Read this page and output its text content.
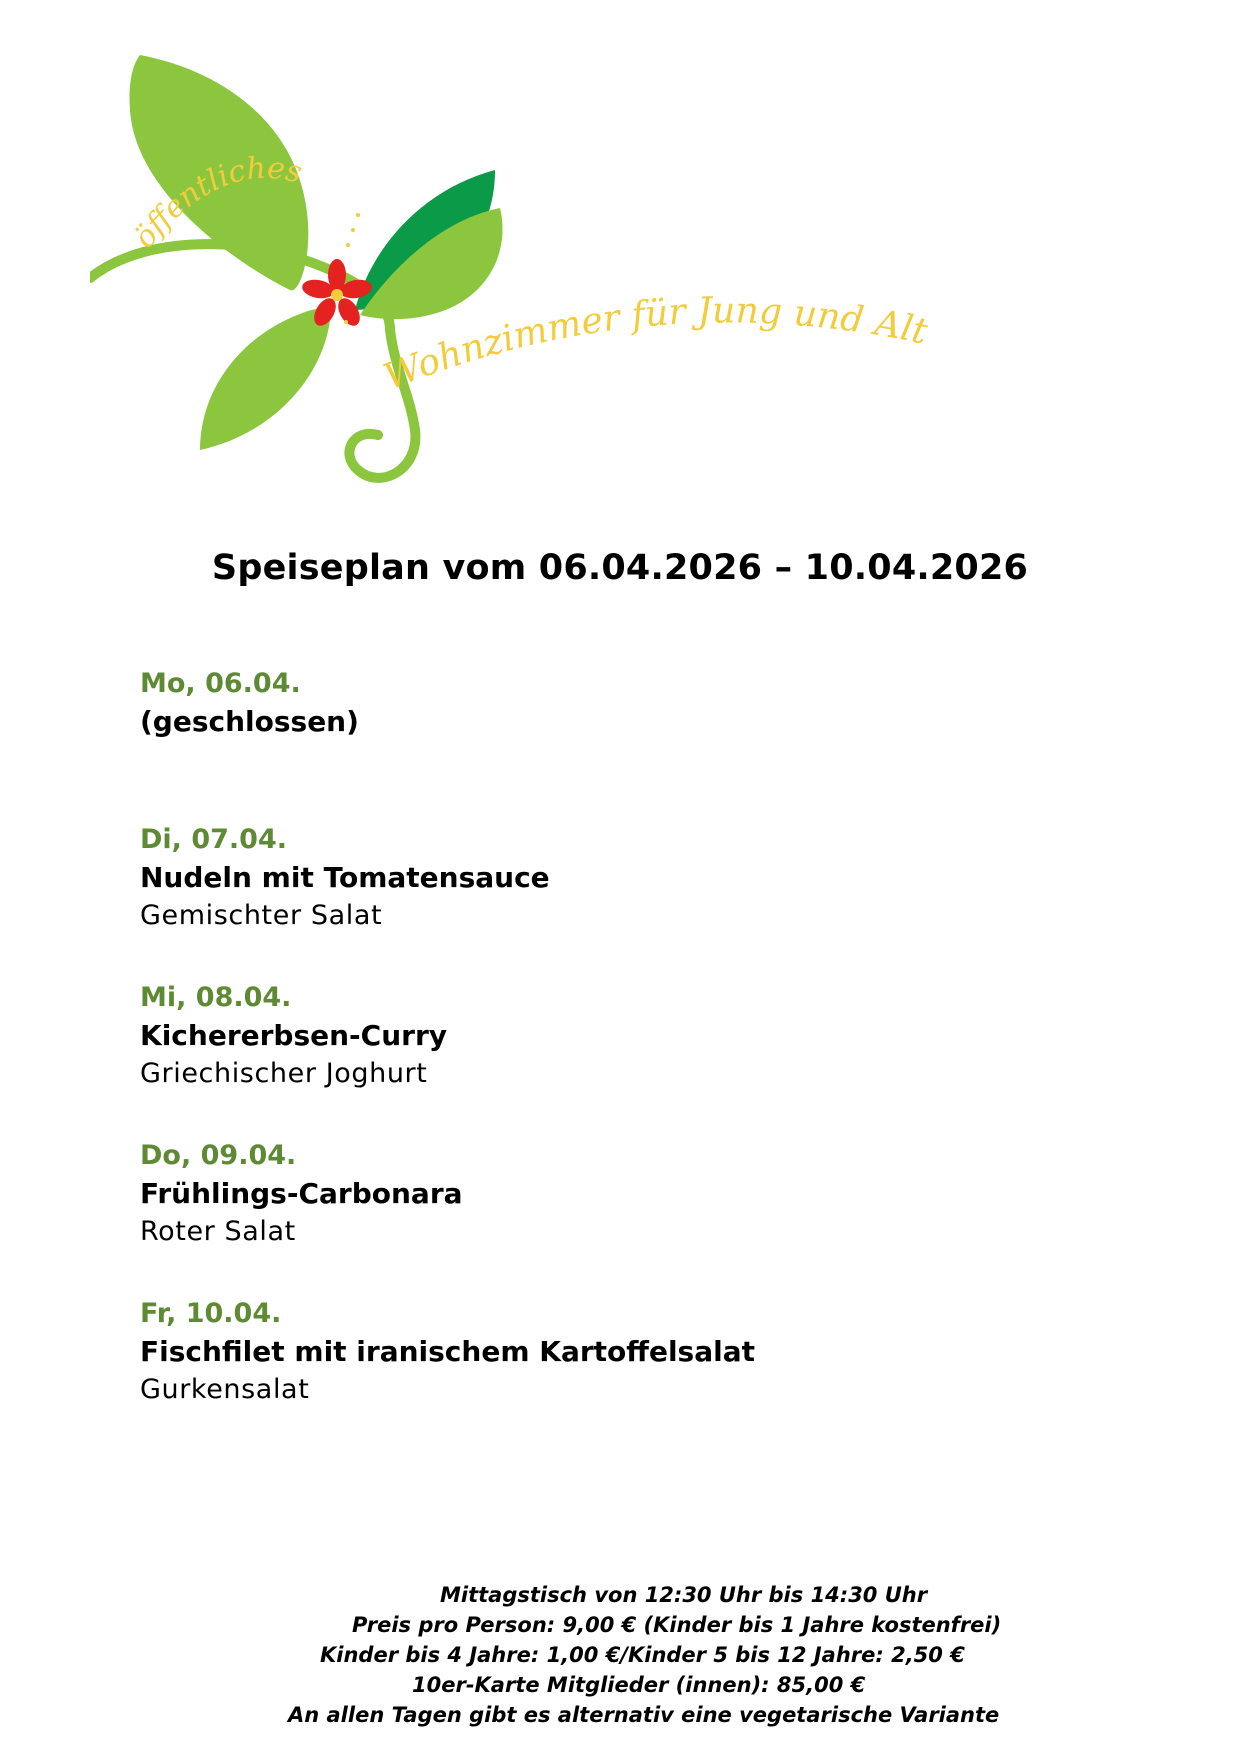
öffentliches
Wohnzimmer für Jung und Alt
Speiseplan vom 06.04.2026 – 10.04.2026
Mo, 06.04.
(geschlossen)
Di, 07.04.
Nudeln mit Tomatensauce
Gemischter Salat
Mi, 08.04.
Kichererbsen-Curry
Griechischer Joghurt
Do, 09.04.
Frühlings-Carbonara
Roter Salat
Fr, 10.04.
Fischfilet mit iranischem Kartoffelsalat
Gurkensalat
Mittagstisch von 12:30 Uhr bis 14:30 Uhr
Preis pro Person: 9,00 € (Kinder bis 1 Jahre kostenfrei)
Kinder bis 4 Jahre: 1,00 €/Kinder 5 bis 12 Jahre: 2,50 €
10er-Karte Mitglieder (innen): 85,00 €
An allen Tagen gibt es alternativ eine vegetarische Variante
